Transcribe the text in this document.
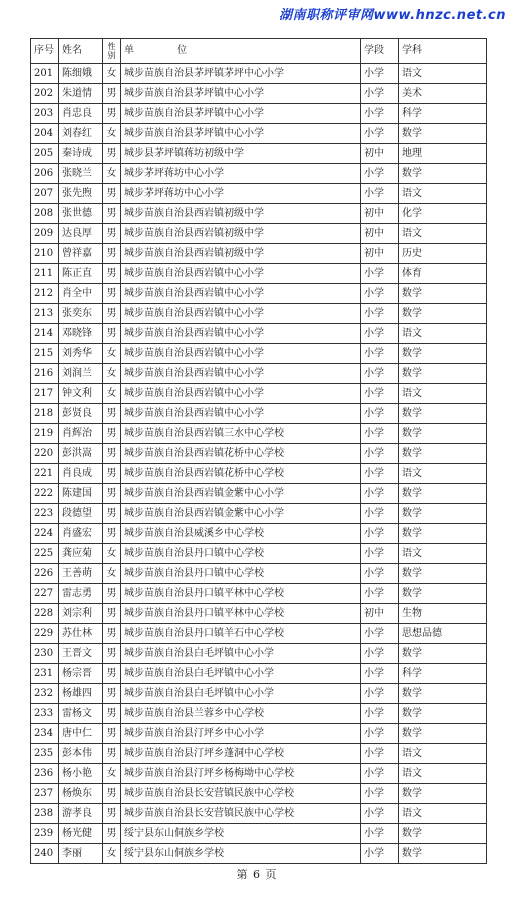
湖南职称评审网www.hnzc.net.cn
序号	姓名	性别	单 位	学段	学科
201	陈细娥	女	城步苗族自治县茅坪镇茅坪中心小学	小学	语文
202	朱道情	男	城步苗族自治县茅坪镇中心小学	小学	美术
203	肖忠良	男	城步苗族自治县茅坪镇中心小学	小学	科学
204	刘春红	女	城步苗族自治县茅坪镇中心小学	小学	数学
205	秦诗成	男	城步县茅坪镇蒋坊初级中学	初中	地理
206	张晓兰	女	城步茅坪蒋坊中心小学	小学	数学
207	张先煦	男	城步茅坪蒋坊中心小学	小学	语文
208	张世德	男	城步苗族自治县西岩镇初级中学	初中	化学
209	达良厚	男	城步苗族自治县西岩镇初级中学	初中	语文
210	曾祥嘉	男	城步苗族自治县西岩镇初级中学	初中	历史
211	陈正直	男	城步苗族自治县西岩镇中心小学	小学	体育
212	肖全中	男	城步苗族自治县西岩镇中心小学	小学	数学
213	张奕东	男	城步苗族自治县西岩镇中心小学	小学	数学
214	邓晓锋	男	城步苗族自治县西岩镇中心小学	小学	语文
215	刘秀华	女	城步苗族自治县西岩镇中心小学	小学	数学
216	刘润兰	女	城步苗族自治县西岩镇中心小学	小学	数学
217	钟文利	女	城步苗族自治县西岩镇中心小学	小学	语文
218	彭贤良	男	城步苗族自治县西岩镇中心小学	小学	数学
219	肖辉治	男	城步苗族自治县西岩镇三水中心学校	小学	数学
220	彭洪嵩	男	城步苗族自治县西岩镇花桥中心学校	小学	数学
221	肖良成	男	城步苗族自治县西岩镇花桥中心学校	小学	语文
222	陈建国	男	城步苗族自治县西岩镇金紫中心小学	小学	数学
223	段德望	男	城步苗族自治县西岩镇金紫中心小学	小学	数学
224	肖盛宏	男	城步苗族自治县威溪乡中心学校	小学	数学
225	龚应菊	女	城步苗族自治县丹口镇中心学校	小学	语文
226	王善萌	女	城步苗族自治县丹口镇中心学校	小学	数学
227	雷志勇	男	城步苗族自治县丹口镇平林中心学校	小学	数学
228	刘宗利	男	城步苗族自治县丹口镇平林中心学校	初中	生物
229	苏仕林	男	城步苗族自治县丹口镇羊石中心学校	小学	思想品德
230	王晋文	男	城步苗族自治县白毛坪镇中心小学	小学	数学
231	杨宗晋	男	城步苗族自治县白毛坪镇中心小学	小学	科学
232	杨雄四	男	城步苗族自治县白毛坪镇中心小学	小学	数学
233	雷杨文	男	城步苗族自治县兰蓉乡中心学校	小学	数学
234	唐中仁	男	城步苗族自治县汀坪乡中心小学	小学	数学
235	彭本伟	男	城步苗族自治县汀坪乡蓬洞中心学校	小学	语文
236	杨小艳	女	城步苗族自治县汀坪乡杨梅坳中心学校	小学	语文
237	杨焕东	男	城步苗族自治县长安营镇民族中心学校	小学	数学
238	游孝良	男	城步苗族自治县长安营镇民族中心学校	小学	语文
239	杨光健	男	绥宁县东山侗族乡学校	小学	数学
240	李丽	女	绥宁县东山侗族乡学校	小学	数学
第 6 页
